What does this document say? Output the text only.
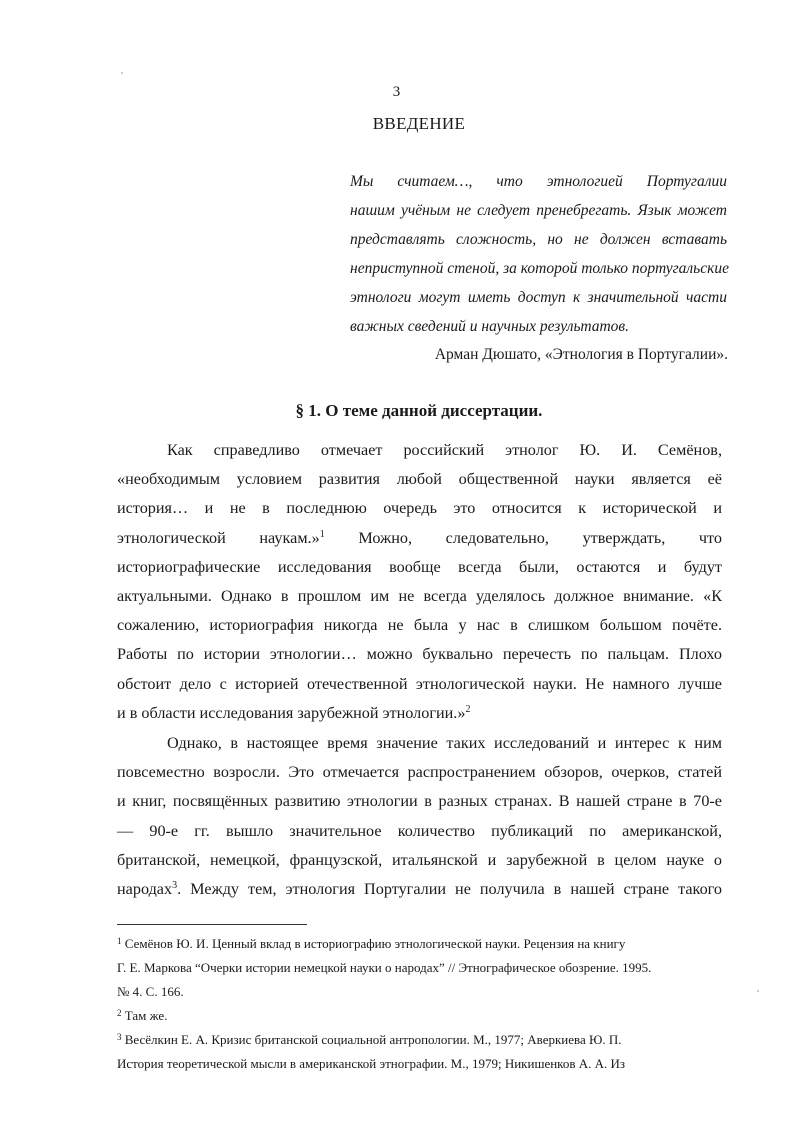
3
ВВЕДЕНИЕ
Мы считаем…, что этнологией Португалии
нашим учёным не следует пренебрегать. Язык может
представлять сложность, но не должен вставать
неприступной стеной, за которой только португальские
этнологи могут иметь доступ к значительной части
важных сведений и научных результатов.
Арман Дюшато, «Этнология в Португалии».
§ 1. О теме данной диссертации.
Как справедливо отмечает российский этнолог Ю. И. Семёнов,
«необходимым условием развития любой общественной науки является её
история… и не в последнюю очередь это относится к исторической и
этнологической наукам.»$^1$ Можно, следовательно, утверждать, что
историографические исследования вообще всегда были, остаются и будут
актуальными. Однако в прошлом им не всегда уделялось должное внимание. «К
сожалению, историография никогда не была у нас в слишком большом почёте.
Работы по истории этнологии… можно буквально перечесть по пальцам. Плохо
обстоит дело с историей отечественной этнологической науки. Не намного лучше
и в области исследования зарубежной этнологии.»$^2$
Однако, в настоящее время значение таких исследований и интерес к ним
повсеместно возросли. Это отмечается распространением обзоров, очерков, статей
и книг, посвящённых развитию этнологии в разных странах. В нашей стране в 70-е
— 90-е гг. вышло значительное количество публикаций по американской,
британской, немецкой, французской, итальянской и зарубежной в целом науке о
народах$^3$. Между тем, этнология Португалии не получила в нашей стране такого
$^1$ Семёнов Ю. И. Ценный вклад в историографию этнологической науки. Рецензия на книгу
Г. Е. Маркова “Очерки истории немецкой науки о народах” // Этнографическое обозрение. 1995.
№ 4. С. 166.
$^2$ Там же.
$^3$ Весёлкин Е. А. Кризис британской социальной антропологии. М., 1977; Аверкиева Ю. П.
История теоретической мысли в американской этнографии. М., 1979; Никишенков А. А. Из
